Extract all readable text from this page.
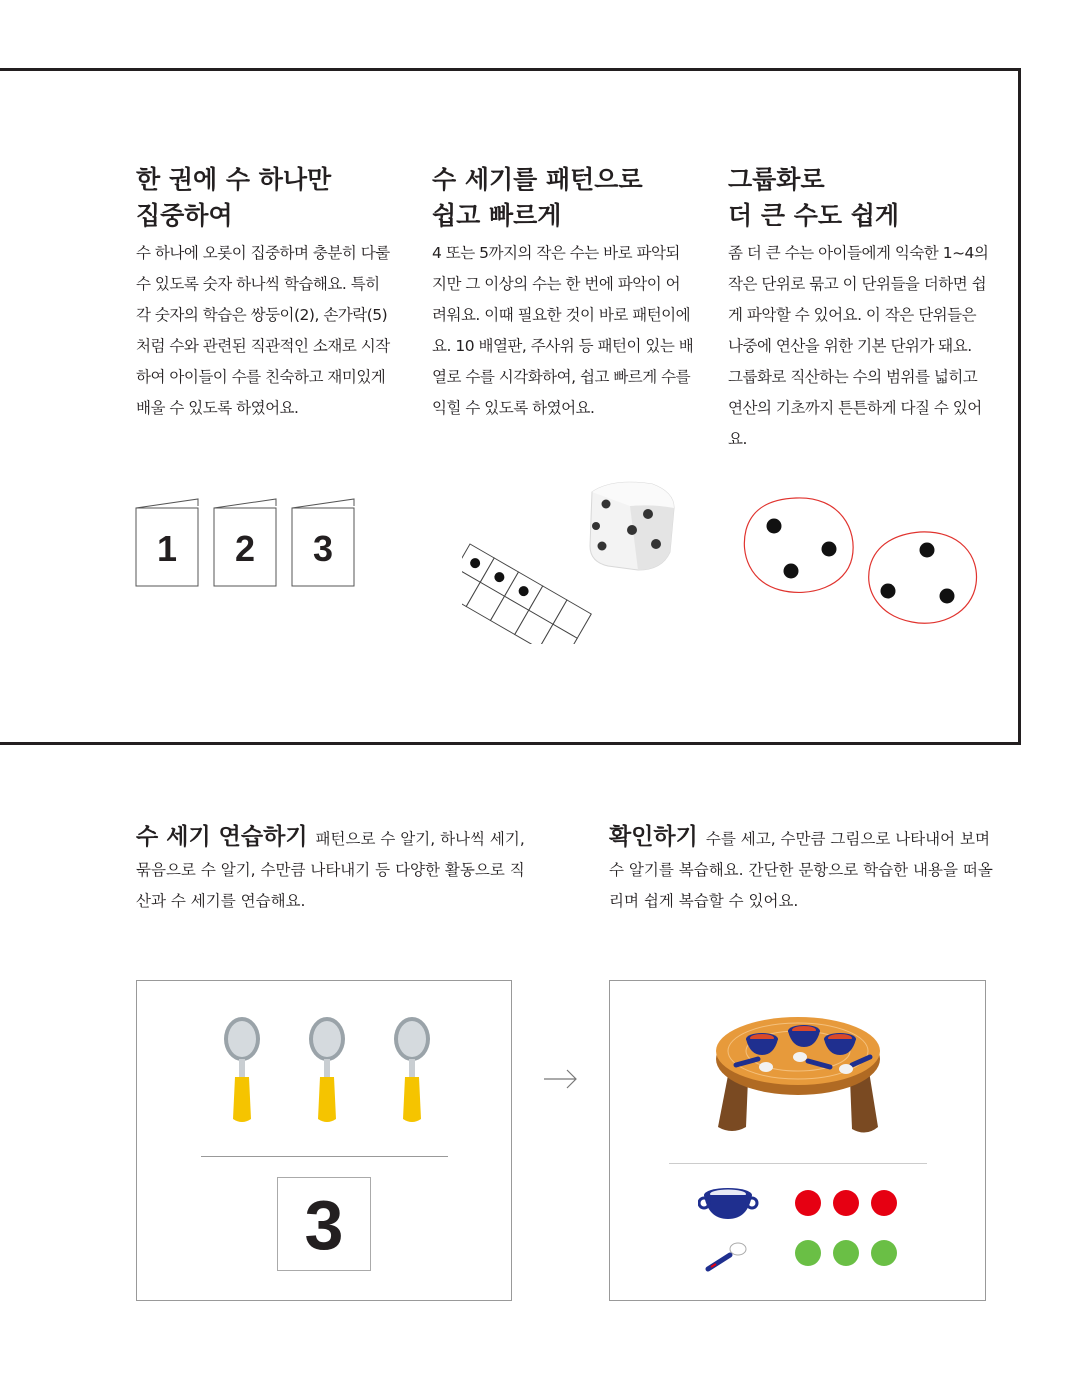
한 권에 수 하나만
집중하여

수 하나에 오롯이 집중하며 충분히 다룰 수 있도록 숫자 하나씩 학습해요. 특히 각 숫자의 학습은 쌍둥이(2), 손가락(5)처럼 수와 관련된 직관적인 소재로 시작하여 아이들이 수를 친숙하고 재미있게 배울 수 있도록 하였어요.

수 세기를 패턴으로
쉽고 빠르게

4 또는 5까지의 작은 수는 바로 파악되지만 그 이상의 수는 한 번에 파악이 어려워요. 이때 필요한 것이 바로 패턴이에요. 10 배열판, 주사위 등 패턴이 있는 배열로 수를 시각화하여, 쉽고 빠르게 수를 익힐 수 있도록 하였어요.

그룹화로
더 큰 수도 쉽게

좀 더 큰 수는 아이들에게 익숙한 1~4의 작은 단위로 묶고 이 단위들을 더하면 쉽게 파악할 수 있어요. 이 작은 단위들은 나중에 연산을 위한 기본 단위가 돼요. 그룹화로 직산하는 수의 범위를 넓히고 연산의 기초까지 튼튼하게 다질 수 있어요.

1 2 3
수 세기 연습하기 패턴으로 수 알기, 하나씩 세기, 묶음으로 수 알기, 수만큼 나타내기 등 다양한 활동으로 직산과 수 세기를 연습해요.
확인하기 수를 세고, 수만큼 그림으로 나타내어 보며 수 알기를 복습해요. 간단한 문항으로 학습한 내용을 떠올리며 쉽게 복습할 수 있어요.
3
